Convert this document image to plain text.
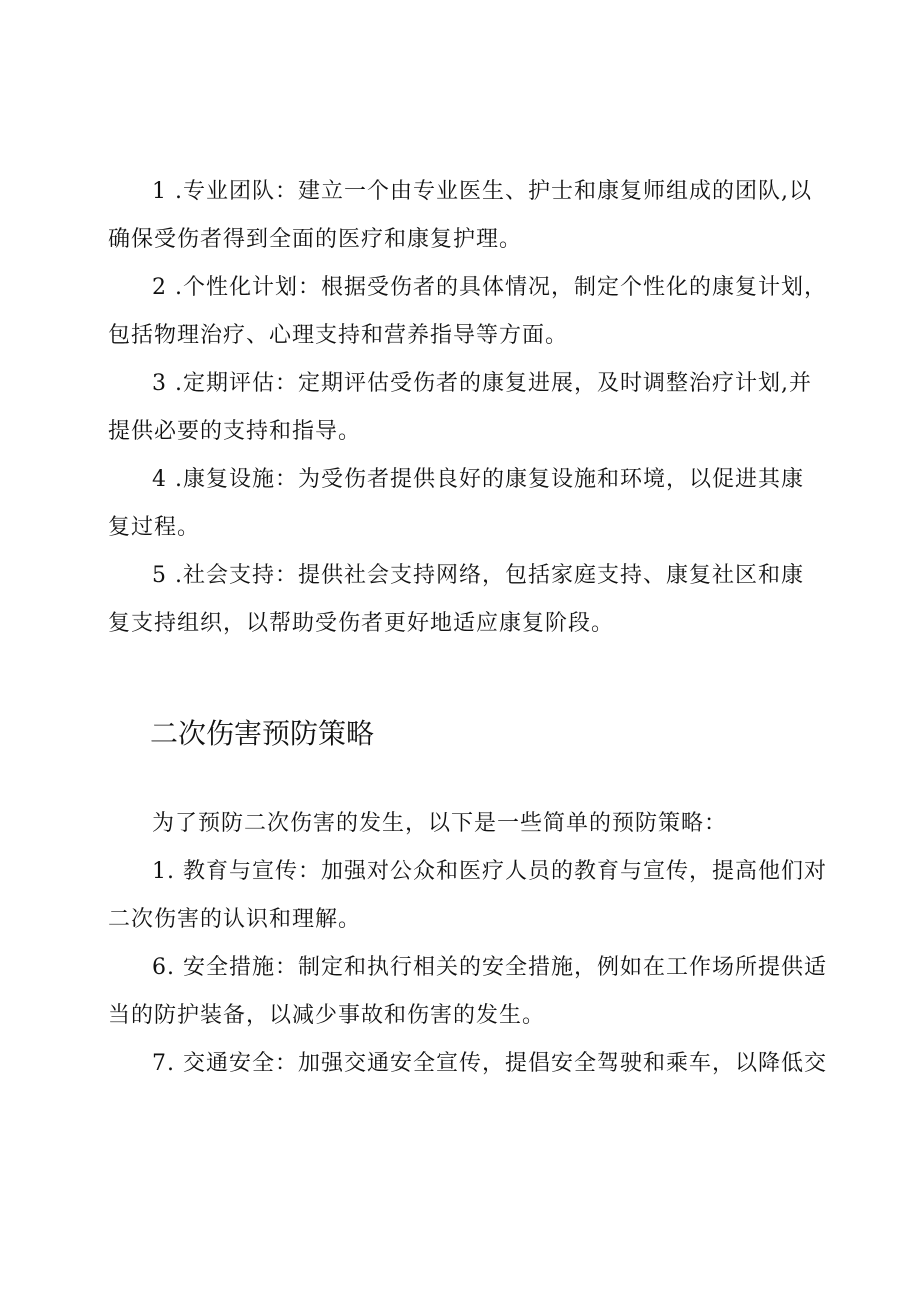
1 .专业团队：建立一个由专业医生、护士和康复师组成的团队,以
确保受伤者得到全面的医疗和康复护理。
2 .个性化计划：根据受伤者的具体情况，制定个性化的康复计划，
包括物理治疗、心理支持和营养指导等方面。
3 .定期评估：定期评估受伤者的康复进展，及时调整治疗计划,并
提供必要的支持和指导。
4 .康复设施：为受伤者提供良好的康复设施和环境，以促进其康
复过程。
5 .社会支持：提供社会支持网络，包括家庭支持、康复社区和康
复支持组织，以帮助受伤者更好地适应康复阶段。
二次伤害预防策略
为了预防二次伤害的发生，以下是一些简单的预防策略：
1. 教育与宣传：加强对公众和医疗人员的教育与宣传，提高他们对
二次伤害的认识和理解。
6. 安全措施：制定和执行相关的安全措施，例如在工作场所提供适
当的防护装备，以减少事故和伤害的发生。
7. 交通安全：加强交通安全宣传，提倡安全驾驶和乘车，以降低交
